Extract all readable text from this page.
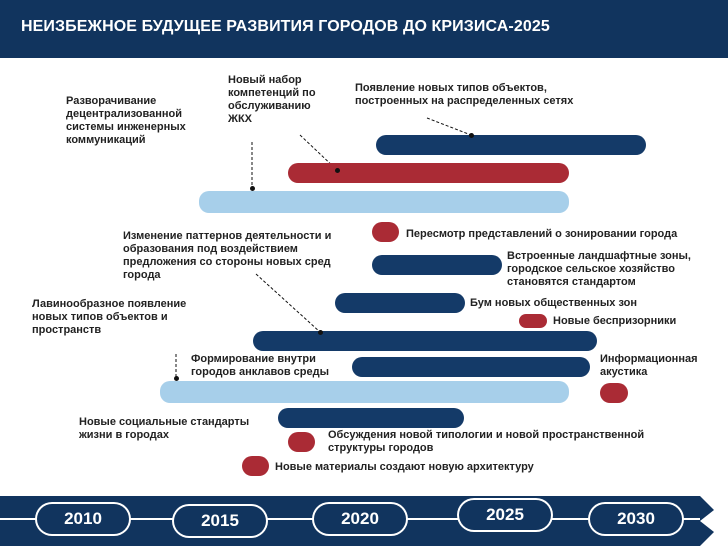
НЕИЗБЕЖНОЕ БУДУЩЕЕ РАЗВИТИЯ ГОРОДОВ ДО КРИЗИСА-2025
Разворачивание
децентрализованной
системы инженерных
коммуникаций
Новый набор
компетенций по
обслуживанию
ЖКХ
Появление новых типов объектов,
построенных на распределенных сетях
Изменение паттернов деятельности и
образования под воздействием
предложения со стороны новых сред
города
Пересмотр представлений о зонировании города
Встроенные ландшафтные зоны,
городское сельское хозяйство
становятся стандартом
Лавинообразное появление
новых типов объектов и
пространств
Бум новых общественных зон
Новые беспризорники
Формирование внутри
городов анклавов среды
Информационная
акустика
Новые социальные стандарты
жизни в городах	Обсуждения новой типологии и новой пространственной
структуры городов
Новые материалы создают новую архитектуру
2010	2015	2020	2025	2030
